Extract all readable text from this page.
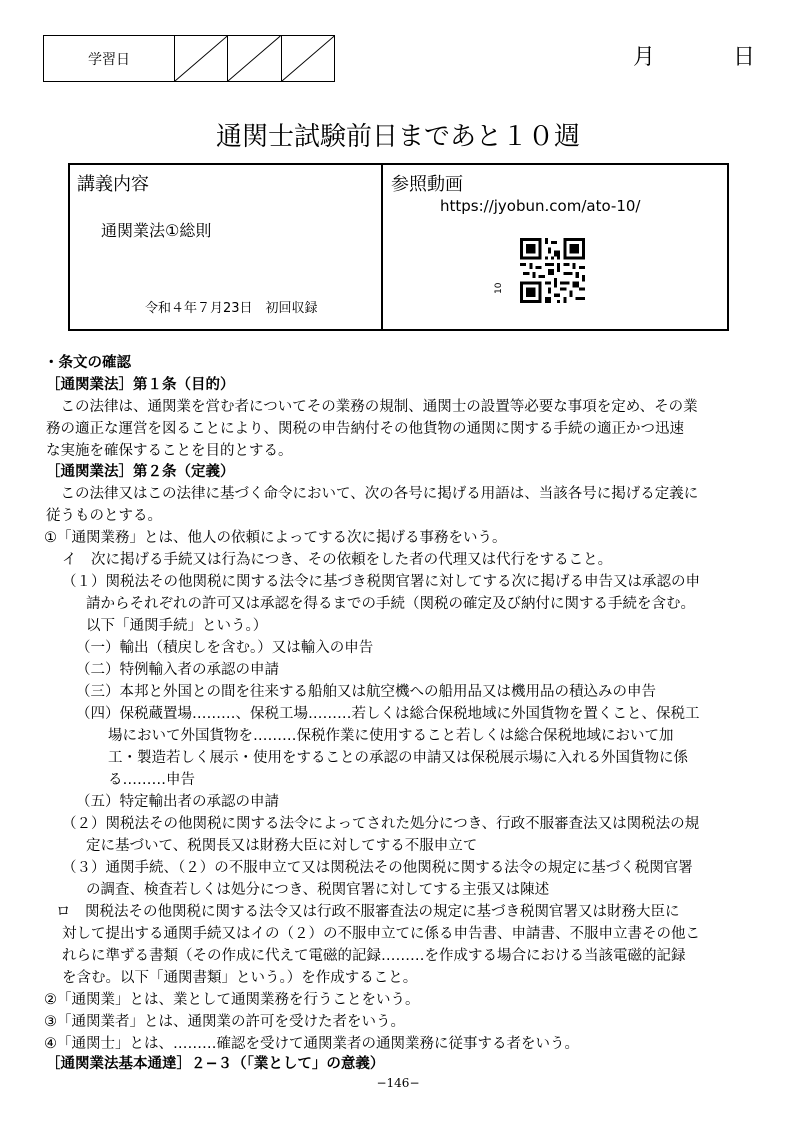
学習日	月	日
通関士試験前日まであと１０週
講義内容
通関業法①総則
令和４年７月23日　初回収録
参照動画
https://jyobun.com/ato-10/
10
・条文の確認
［通関業法］第１条（目的）
　この法律は、通関業を営む者についてその業務の規制、通関士の設置等必要な事項を定め、その業
務の適正な運営を図ることにより、関税の申告納付その他貨物の通関に関する手続の適正かつ迅速
な実施を確保することを目的とする。
［通関業法］第２条（定義）
　この法律又はこの法律に基づく命令において、次の各号に掲げる用語は、当該各号に掲げる定義に
従うものとする。
①「通関業務」とは、他人の依頼によってする次に掲げる事務をいう。
イ　次に掲げる手続又は行為につき、その依頼をした者の代理又は代行をすること。
（１）関税法その他関税に関する法令に基づき税関官署に対してする次に掲げる申告又は承認の申
請からそれぞれの許可又は承認を得るまでの手続（関税の確定及び納付に関する手続を含む。
以下「通関手続」という。）
（一）輸出（積戻しを含む。）又は輸入の申告
（二）特例輸入者の承認の申請
（三）本邦と外国との間を往来する船舶又は航空機への船用品又は機用品の積込みの申告
（四）保税蔵置場………、保税工場………若しくは総合保税地域に外国貨物を置くこと、保税工
場において外国貨物を………保税作業に使用すること若しくは総合保税地域において加
工・製造若しく展示・使用をすることの承認の申請又は保税展示場に入れる外国貨物に係
る………申告
（五）特定輸出者の承認の申請
（２）関税法その他関税に関する法令によってされた処分につき、行政不服審査法又は関税法の規
定に基づいて、税関長又は財務大臣に対してする不服申立て
（３）通関手続、（２）の不服申立て又は関税法その他関税に関する法令の規定に基づく税関官署
の調査、検査若しくは処分につき、税関官署に対してする主張又は陳述
ロ　関税法その他関税に関する法令又は行政不服審査法の規定に基づき税関官署又は財務大臣に
対して提出する通関手続又はイの（２）の不服申立てに係る申告書、申請書、不服申立書その他こ
れらに準ずる書類（その作成に代えて電磁的記録………を作成する場合における当該電磁的記録
を含む。以下「通関書類」という。）を作成すること。
②「通関業」とは、業として通関業務を行うことをいう。
③「通関業者」とは、通関業の許可を受けた者をいう。
④「通関士」とは、………確認を受けて通関業者の通関業務に従事する者をいう。
［通関業法基本通達］２−３（「業として」の意義）
−146−
